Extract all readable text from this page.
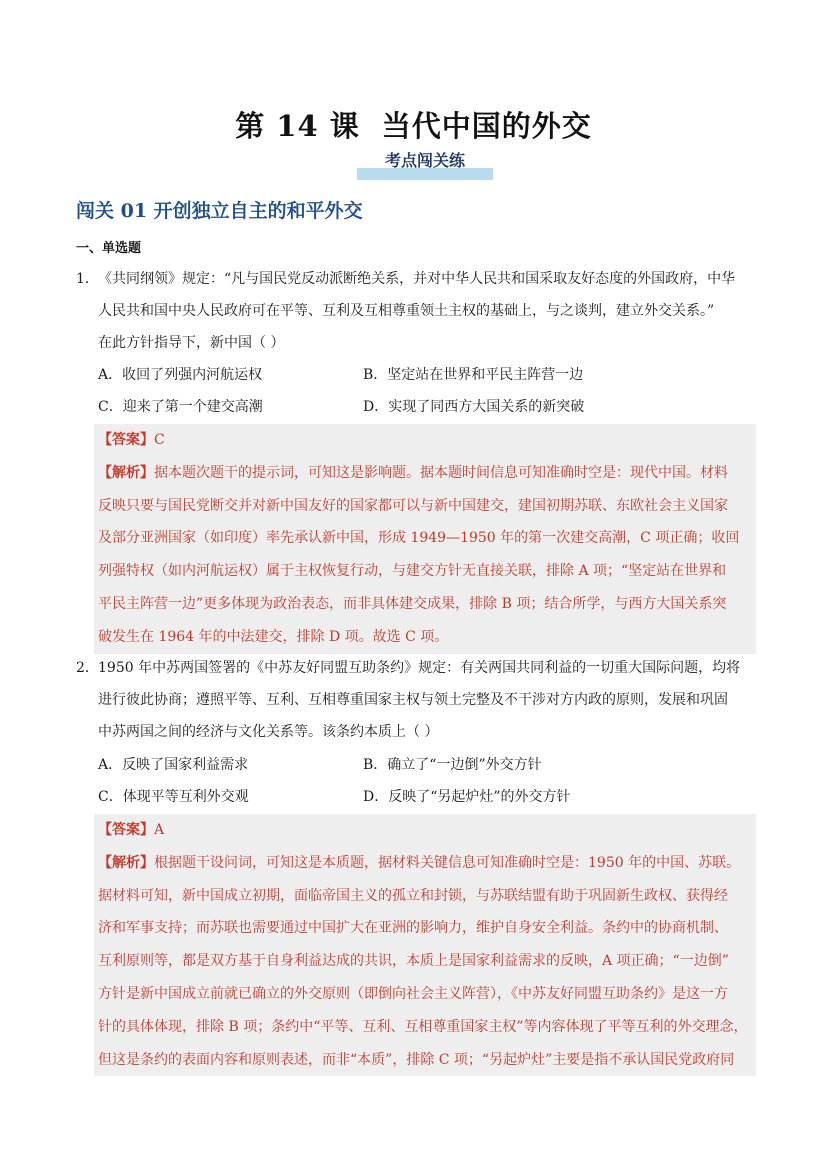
第 14 课 当代中国的外交
考点闯关练
闯关 01 开创独立自主的和平外交
一、单选题
1．《共同纲领》规定：“凡与国民党反动派断绝关系，并对中华人民共和国采取友好态度的外国政府，中华
人民共和国中央人民政府可在平等、互利及互相尊重领土主权的基础上，与之谈判，建立外交关系。”
在此方针指导下，新中国（ ）
A．收回了列强内河航运权	B．坚定站在世界和平民主阵营一边
C．迎来了第一个建交高潮	D．实现了同西方大国关系的新突破
【答案】C
【解析】据本题次题干的提示词，可知这是影响题。据本题时间信息可知准确时空是：现代中国。材料
反映只要与国民党断交并对新中国友好的国家都可以与新中国建交，建国初期苏联、东欧社会主义国家
及部分亚洲国家（如印度）率先承认新中国，形成 1949—1950 年的第一次建交高潮，C 项正确；收回
列强特权（如内河航运权）属于主权恢复行动，与建交方针无直接关联，排除 A 项；“坚定站在世界和
平民主阵营一边”更多体现为政治表态，而非具体建交成果，排除 B 项；结合所学，与西方大国关系突
破发生在 1964 年的中法建交，排除 D 项。故选 C 项。
2．1950 年中苏两国签署的《中苏友好同盟互助条约》规定：有关两国共同利益的一切重大国际问题，均将
进行彼此协商；遵照平等、互利、互相尊重国家主权与领土完整及不干涉对方内政的原则，发展和巩固
中苏两国之间的经济与文化关系等。该条约本质上（ ）
A．反映了国家利益需求	B．确立了“一边倒”外交方针
C．体现平等互利外交观	D．反映了“另起炉灶”的外交方针
【答案】A
【解析】根据题干设问词，可知这是本质题，据材料关键信息可知准确时空是：1950 年的中国、苏联。
据材料可知，新中国成立初期，面临帝国主义的孤立和封锁，与苏联结盟有助于巩固新生政权、获得经
济和军事支持；而苏联也需要通过中国扩大在亚洲的影响力，维护自身安全利益。条约中的协商机制、
互利原则等，都是双方基于自身利益达成的共识，本质上是国家利益需求的反映，A 项正确；“一边倒”
方针是新中国成立前就已确立的外交原则（即倒向社会主义阵营），《中苏友好同盟互助条约》是这一方
针的具体体现，排除 B 项；条约中“平等、互利、互相尊重国家主权”等内容体现了平等互利的外交理念，
但这是条约的表面内容和原则表述，而非“本质”，排除 C 项；“另起炉灶”主要是指不承认国民党政府同
